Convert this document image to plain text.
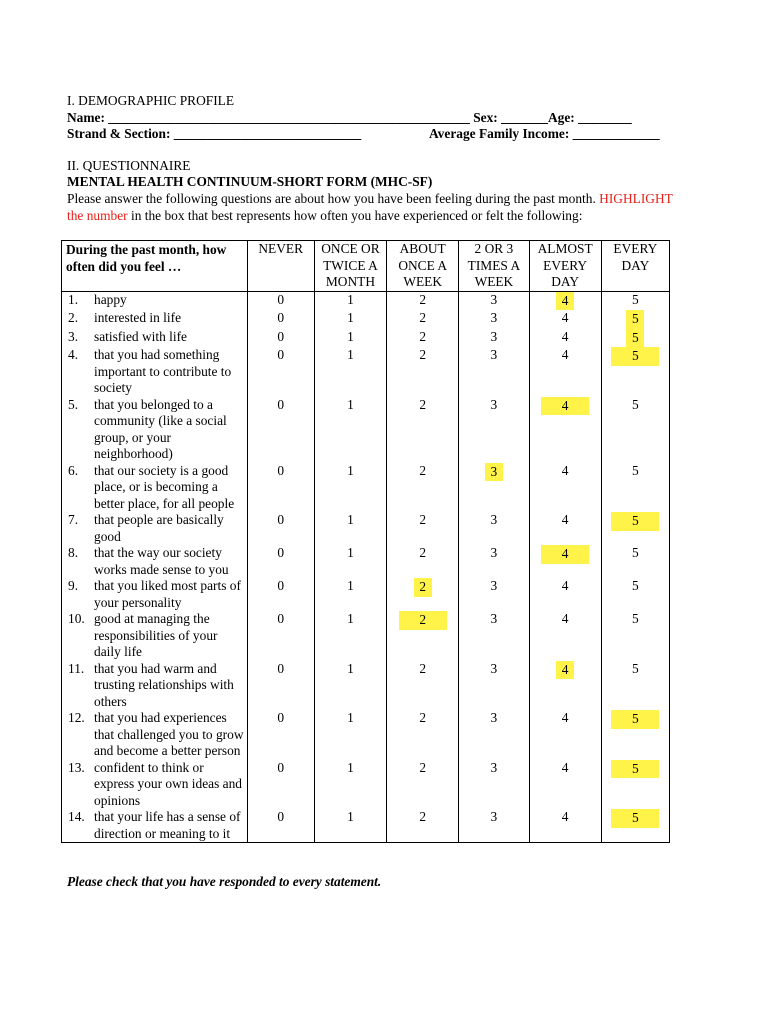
I. DEMOGRAPHIC PROFILE
Name: ______________________________________________________ Sex: _______Age: ________
Strand & Section: ____________________________	Average Family Income: _____________
II. QUESTIONNAIRE
MENTAL HEALTH CONTINUUM-SHORT FORM (MHC-SF)
Please answer the following questions are about how you have been feeling during the past month. HIGHLIGHT
the number in the box that best represents how often you have experienced or felt the following:
During the past month, how often did you feel …	NEVER	ONCE OR TWICE A MONTH	ABOUT ONCE A WEEK	2 OR 3 TIMES A WEEK	ALMOST EVERY DAY	EVERY DAY
1. happy	0	1	2	3	4	5
2. interested in life	0	1	2	3	4	5
3. satisfied with life	0	1	2	3	4	5
4. that you had something important to contribute to society	0	1	2	3	4	5
5. that you belonged to a community (like a social group, or your neighborhood)	0	1	2	3	4	5
6. that our society is a good place, or is becoming a better place, for all people	0	1	2	3	4	5
7. that people are basically good	0	1	2	3	4	5
8. that the way our society works made sense to you	0	1	2	3	4	5
9. that you liked most parts of your personality	0	1	2	3	4	5
10. good at managing the responsibilities of your daily life	0	1	2	3	4	5
11. that you had warm and trusting relationships with others	0	1	2	3	4	5
12. that you had experiences that challenged you to grow and become a better person	0	1	2	3	4	5
13. confident to think or express your own ideas and opinions	0	1	2	3	4	5
14. that your life has a sense of direction or meaning to it	0	1	2	3	4	5
Please check that you have responded to every statement.
